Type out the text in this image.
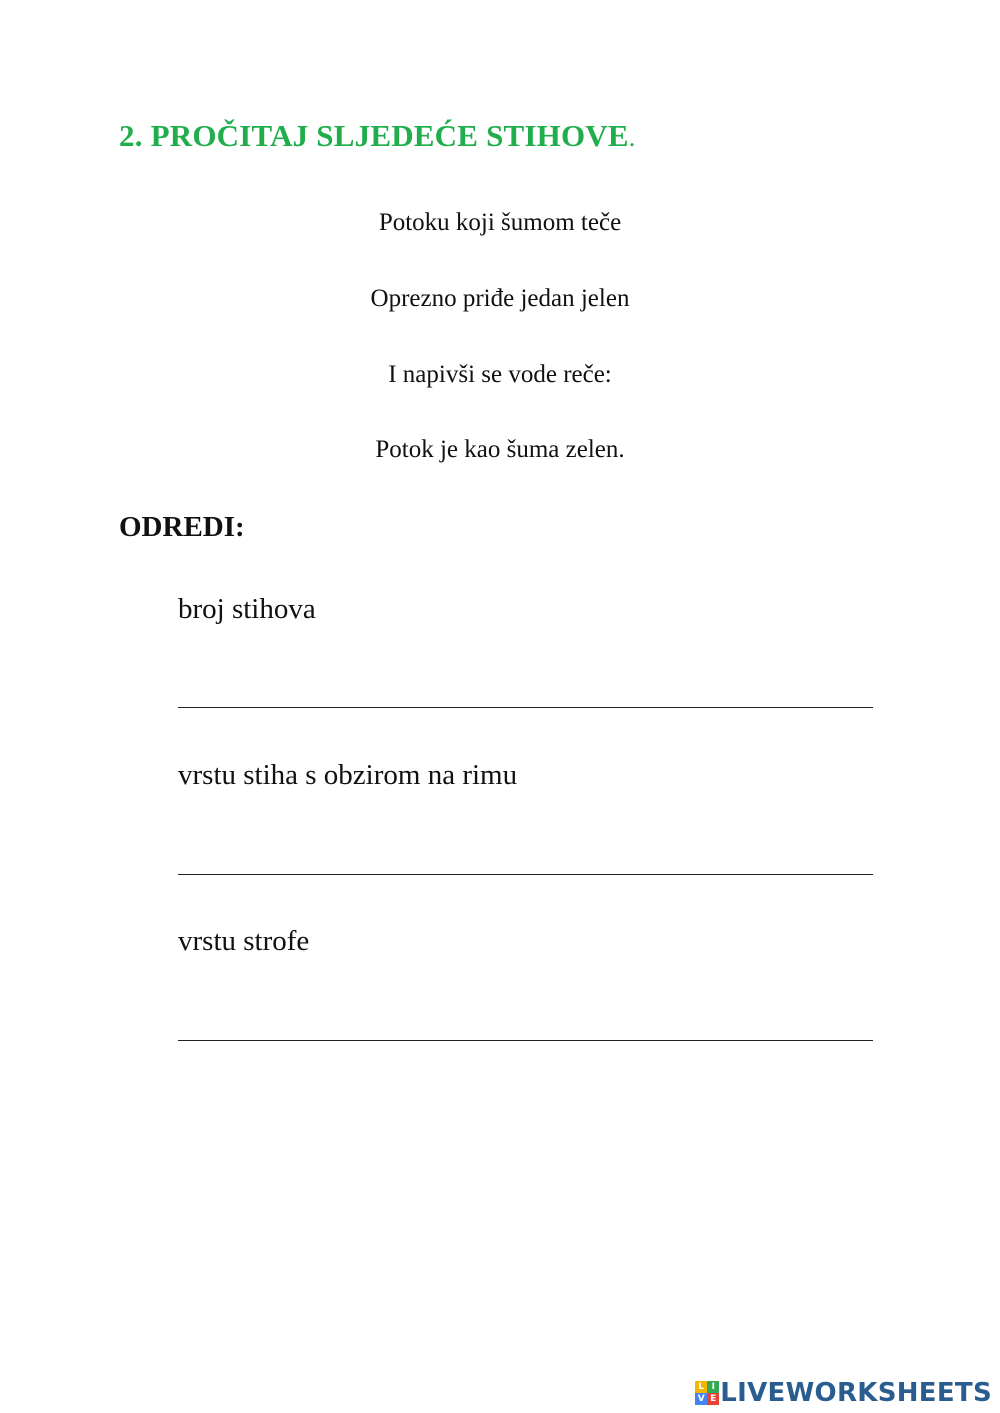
2. PROČITAJ SLJEDEĆE STIHOVE.
Potoku koji šumom teče
Oprezno priđe jedan jelen
I napivši se vode reče:
Potok je kao šuma zelen.
ODREDI:
broj stihova
vrstu stiha s obzirom na rimu
vrstu strofe
L I
V E LIVEWORKSHEETS
